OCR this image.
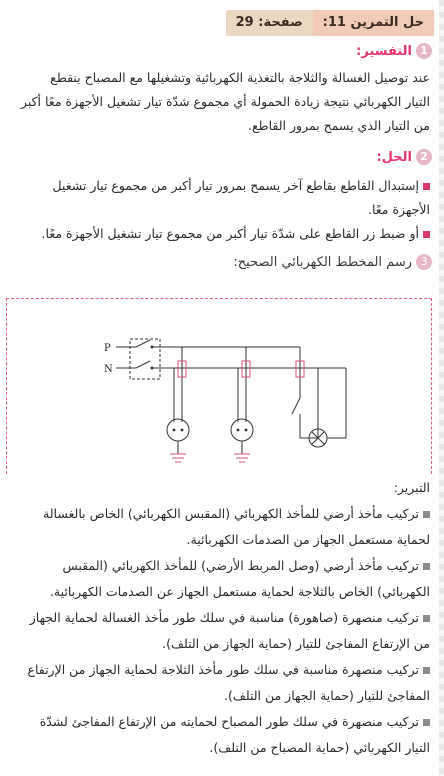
حل التمرين 11:
صفحة: 29
1
التفسير:
عند توصيل الغسالة والثلاجة بالتغذية الكهربائية وتشغيلها مع المصباح ينقطع
التيار الكهربائي نتيجة زيادة الحمولة أي مجموع شدّة تيار تشغيل الأجهزة معًا أكبر
من التيار الذي يسمح بمرور القاطع.
2
الحل:
إستبدال القاطع بقاطع آخر يسمح بمرور تيار أكبر من مجموع تيار تشغيل
الأجهزة معًا.
أو ضبط زر القاطع على شدّة تيار أكبر من مجموع تيار تشغيل الأجهزة معًا.
3
رسم المخطط الكهربائي الصحيح:
P
N
التبرير:
تركيب مأخذ أرضي للمأخذ الكهربائي (المقبس الكهربائي) الخاص بالغسالة
لحماية مستعمل الجهاز من الصدمات الكهربائية.
تركيب مأخذ أرضي (وصل المربط الأرضي) للمأخذ الكهربائي (المقبس
الكهربائي) الخاص بالثلاجة لحماية مستعمل الجهاز عن الصدمات الكهربائية.
تركيب منصهرة (صاهورة) مناسبة في سلك طور مأخذ الغسالة لحماية الجهاز
من الإرتفاع المفاجئ للتيار (حماية الجهاز من التلف).
تركيب منصهرة مناسبة في سلك طور مأخذ الثلاجة لحماية الجهاز من الإرتفاع
المفاجئ للتيار (حماية الجهاز من التلف).
تركيب منصهرة في سلك طور المصباح لحمايته من الإرتفاع المفاجئ لشدّة
التيار الكهربائي (حماية المصباح من التلف).
